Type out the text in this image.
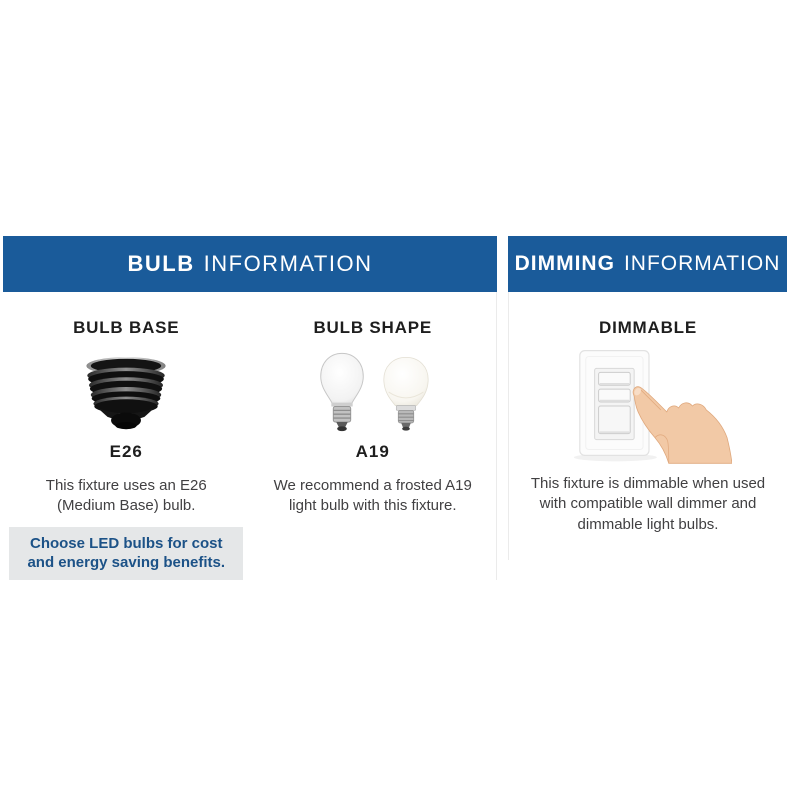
BULB INFORMATION
BULB BASE
E26
This fixture uses an E26 (Medium Base) bulb.
Choose LED bulbs for cost and energy saving benefits.
BULB SHAPE
A19
We recommend a frosted A19 light bulb with this fixture.
DIMMING INFORMATION
DIMMABLE
This fixture is dimmable when used with compatible wall dimmer and dimmable light bulbs.
